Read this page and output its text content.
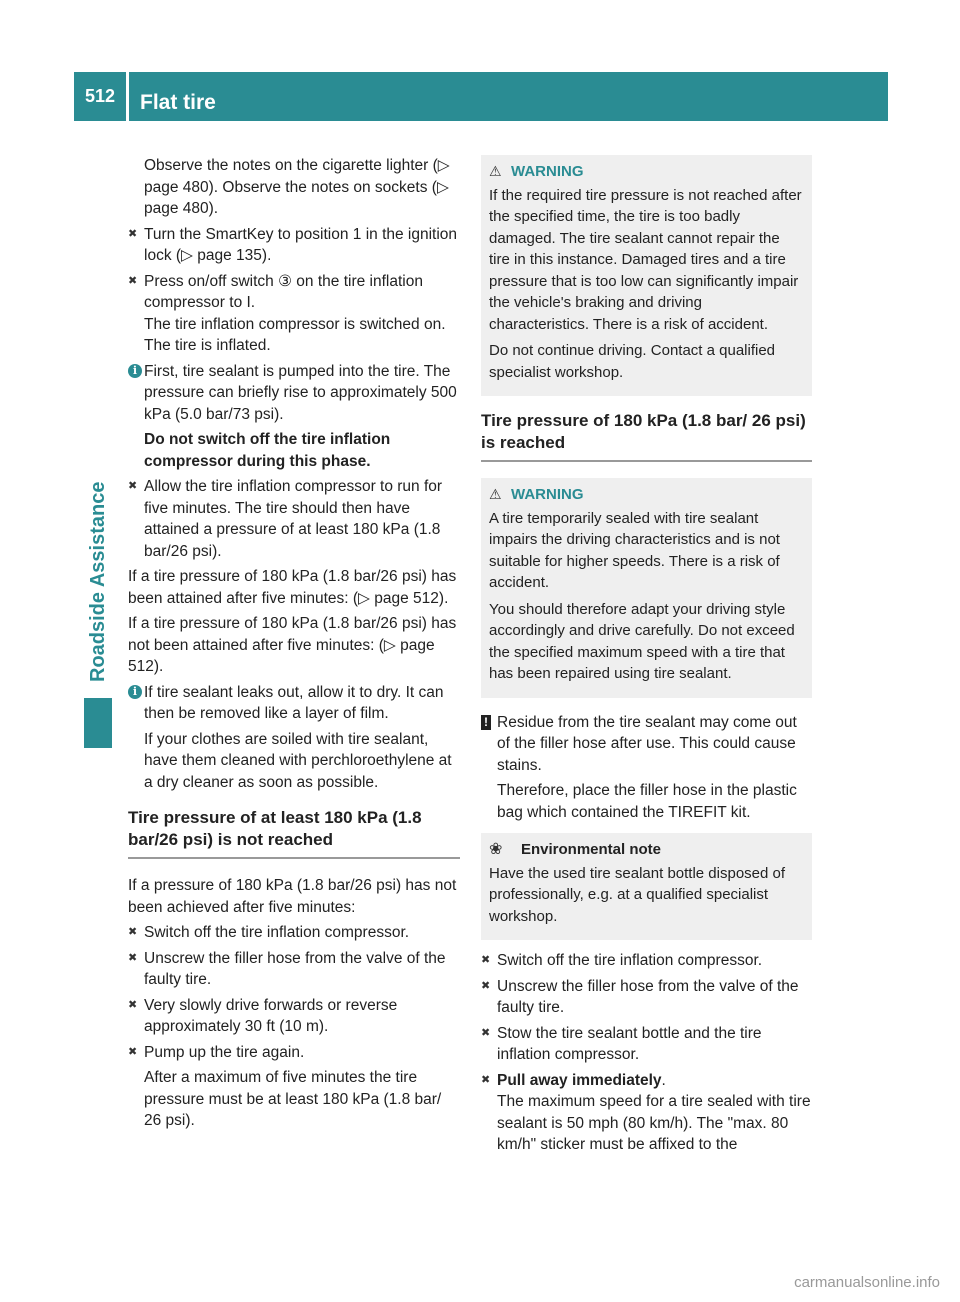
512	Flat tire
Roadside Assistance

Observe the notes on the cigarette lighter (▷ page 480). Observe the notes on sockets (▷ page 480).

✖ Turn the SmartKey to position 1 in the ignition lock (▷ page 135).
✖ Press on/off switch ③ on the tire inflation compressor to I.
The tire inflation compressor is switched on. The tire is inflated.
i First, tire sealant is pumped into the tire. The pressure can briefly rise to approximately 500 kPa (5.0 bar/73 psi).

Do not switch off the tire inflation compressor during this phase.

✖ Allow the tire inflation compressor to run for five minutes. The tire should then have attained a pressure of at least 180 kPa (1.8 bar/26 psi).

If a tire pressure of 180 kPa (1.8 bar/26 psi) has been attained after five minutes: (▷ page 512).

If a tire pressure of 180 kPa (1.8 bar/26 psi) has not been attained after five minutes: (▷ page 512).

i If tire sealant leaks out, allow it to dry. It can then be removed like a layer of film.

If your clothes are soiled with tire sealant, have them cleaned with perchloroethylene at a dry cleaner as soon as possible.

Tire pressure of at least 180 kPa (1.8 bar/26 psi) is not reached

If a pressure of 180 kPa (1.8 bar/26 psi) has not been achieved after five minutes:

✖ Switch off the tire inflation compressor.
✖ Unscrew the filler hose from the valve of the faulty tire.
✖ Very slowly drive forwards or reverse approximately 30 ft (10 m).
✖ Pump up the tire again.

After a maximum of five minutes the tire pressure must be at least 180 kPa (1.8 bar/ 26 psi).

⚠ WARNING

If the required tire pressure is not reached after the specified time, the tire is too badly damaged. The tire sealant cannot repair the tire in this instance. Damaged tires and a tire pressure that is too low can significantly impair the vehicle's braking and driving characteristics. There is a risk of accident.

Do not continue driving. Contact a qualified specialist workshop.

Tire pressure of 180 kPa (1.8 bar/ 26 psi) is reached
⚠ WARNING

A tire temporarily sealed with tire sealant impairs the driving characteristics and is not suitable for higher speeds. There is a risk of accident.

You should therefore adapt your driving style accordingly and drive carefully. Do not exceed the specified maximum speed with a tire that has been repaired using tire sealant.

! Residue from the tire sealant may come out of the filler hose after use. This could cause stains.

Therefore, place the filler hose in the plastic bag which contained the TIREFIT kit.

❀	Environmental note

Have the used tire sealant bottle disposed of professionally, e.g. at a qualified specialist workshop.

✖ Switch off the tire inflation compressor.
✖ Unscrew the filler hose from the valve of the faulty tire.
✖ Stow the tire sealant bottle and the tire inflation compressor.
✖ Pull away immediately.
The maximum speed for a tire sealed with tire sealant is 50 mph (80 km/h). The "max. 80 km/h" sticker must be affixed to the
carmanualsonline.info
